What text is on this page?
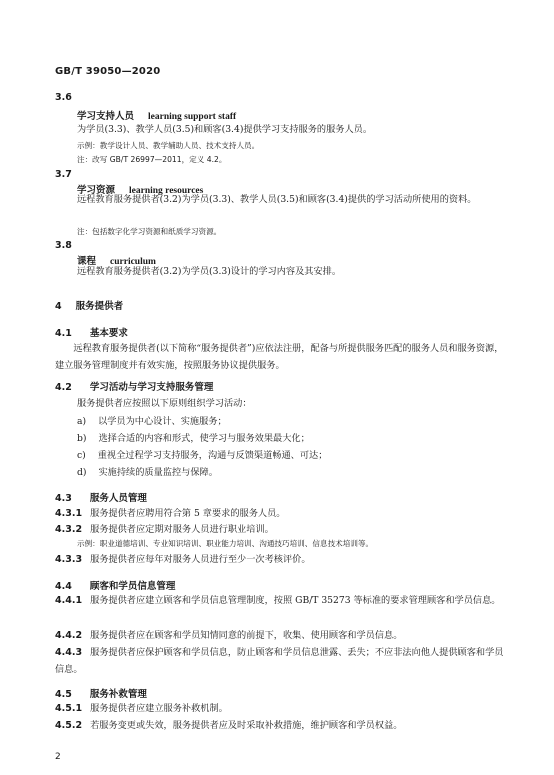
GB/T 39050—2020
3.6
学习支持人员 learning support staff
为学员(3.3)、教学人员(3.5)和顾客(3.4)提供学习支持服务的服务人员。
示例：教学设计人员、教学辅助人员、技术支持人员。
注：改写 GB/T 26997—2011，定义 4.2。
3.7
学习资源 learning resources
远程教育服务提供者(3.2)为学员(3.3)、教学人员(3.5)和顾客(3.4)提供的学习活动所使用的资料。
注：包括数字化学习资源和纸质学习资源。
3.8
课程 curriculum
远程教育服务提供者(3.2)为学员(3.3)设计的学习内容及其安排。
4 服务提供者
4.1 基本要求
远程教育服务提供者(以下简称“服务提供者”)应依法注册，配备与所提供服务匹配的服务人员和服务资源，建立服务管理制度并有效实施，按照服务协议提供服务。
4.2 学习活动与学习支持服务管理
服务提供者应按照以下原则组织学习活动：
a) 以学员为中心设计、实施服务；
b) 选择合适的内容和形式，使学习与服务效果最大化；
c) 重视全过程学习支持服务，沟通与反馈渠道畅通、可达；
d) 实施持续的质量监控与保障。
4.3 服务人员管理
4.3.1 服务提供者应聘用符合第 5 章要求的服务人员。
4.3.2 服务提供者应定期对服务人员进行职业培训。
示例：职业道德培训、专业知识培训、职业能力培训、沟通技巧培训、信息技术培训等。
4.3.3 服务提供者应每年对服务人员进行至少一次考核评价。
4.4 顾客和学员信息管理
4.4.1 服务提供者应建立顾客和学员信息管理制度，按照 GB/T 35273 等标准的要求管理顾客和学员信息。
4.4.2 服务提供者应在顾客和学员知情同意的前提下，收集、使用顾客和学员信息。
4.4.3 服务提供者应保护顾客和学员信息，防止顾客和学员信息泄露、丢失；不应非法向他人提供顾客和学员信息。
4.5 服务补救管理
4.5.1 服务提供者应建立服务补救机制。
4.5.2 若服务变更或失效，服务提供者应及时采取补救措施，维护顾客和学员权益。
2
